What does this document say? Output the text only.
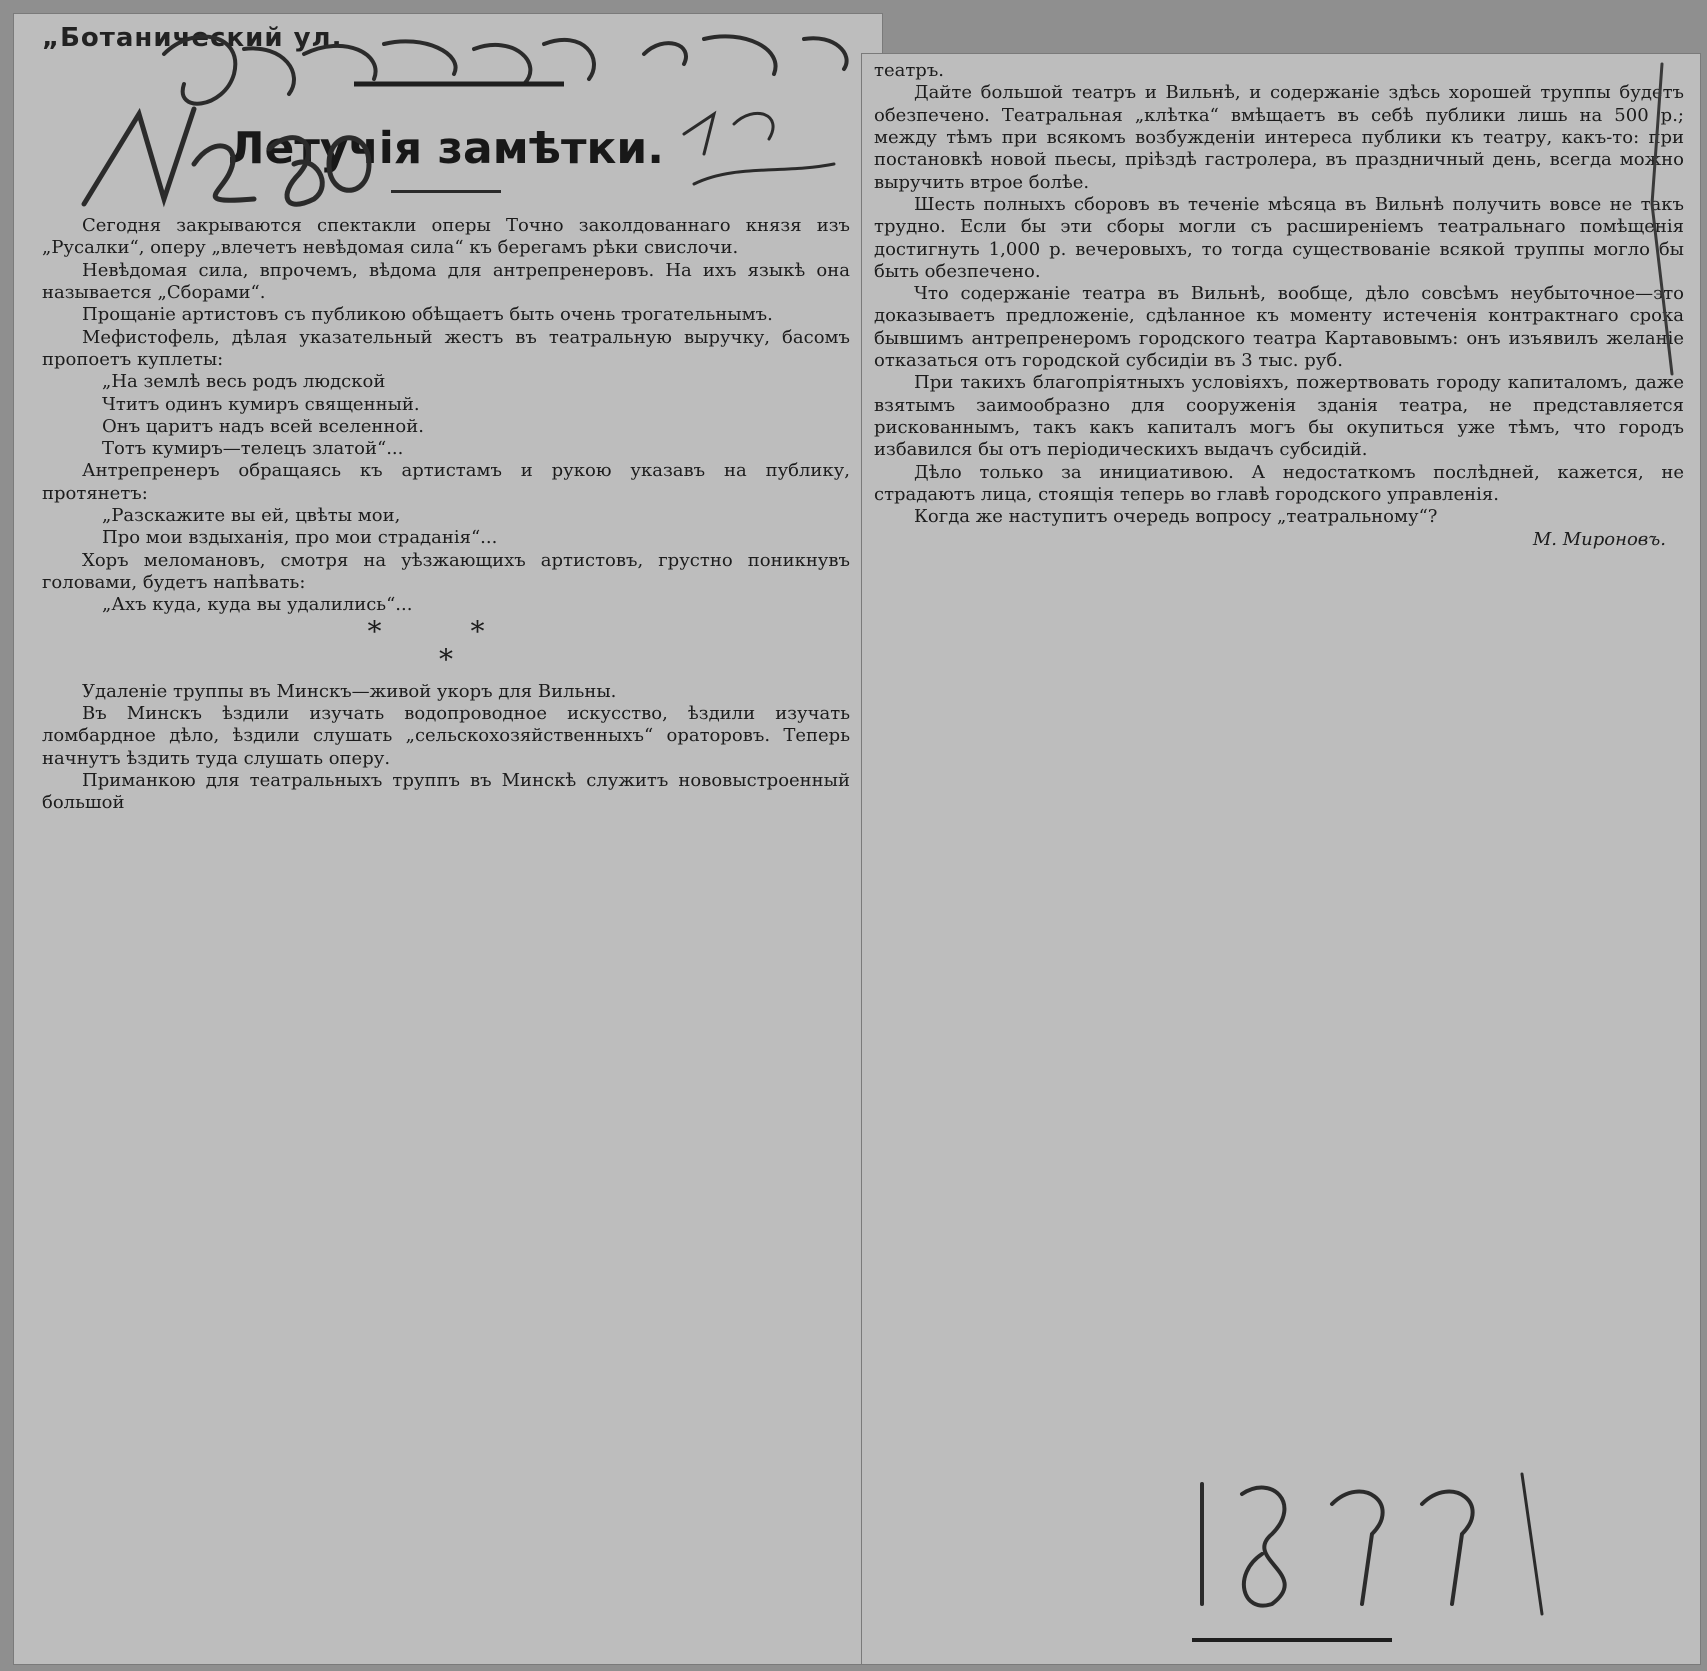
„Ботанический ул.
Летучія замѣтки.

Сегодня закрываются спектакли оперы Точно заколдованнаго князя изъ „Русалки“, оперу „влечетъ невѣдомая сила“ къ берегамъ рѣки свислочи.

Невѣдомая сила, впрочемъ, вѣдома для антрепренеровъ. На ихъ языкѣ она называется „Сборами“.

Прощаніе артистовъ съ публикою обѣщаетъ быть очень трогательнымъ.

Мефистофель, дѣлая указательный жестъ въ театральную выручку, басомъ пропоетъ куплеты:

„На землѣ весь родъ людской
Чтитъ одинъ кумиръ священный.
Онъ царитъ надъ всей вселенной.
Тотъ кумиръ—телецъ златой“...

Антрепренеръ обращаясь къ артистамъ и рукою указавъ на публику, протянетъ:

„Разскажите вы ей, цвѣты мои,
Про мои вздыханія, про мои страданія“...

Хоръ меломановъ, смотря на уѣзжающихъ артистовъ, грустно поникнувъ головами, будетъ напѣвать:

„Ахъ куда, куда вы удалились“...

* *

*

Удаленіе труппы въ Минскъ—живой укоръ для Вильны.

Въ Минскъ ѣздили изучать водопроводное искусство, ѣздили изучать ломбардное дѣло, ѣздили слушать „сельскохозяйственныхъ“ ораторовъ. Теперь начнутъ ѣздить туда слушать оперу.

Приманкою для театральныхъ труппъ въ Минскѣ служитъ нововыстроенный большой

театръ.

Дайте большой театръ и Вильнѣ, и содержаніе здѣсь хорошей труппы будетъ обезпечено. Театральная „клѣтка“ вмѣщаетъ въ себѣ публики лишь на 500 р.; между тѣмъ при всякомъ возбужденіи интереса публики къ театру, какъ-то: при постановкѣ новой пьесы, пріѣздѣ гастролера, въ праздничный день, всегда можно выручить втрое болѣе.

Шесть полныхъ сборовъ въ теченіе мѣсяца въ Вильнѣ получить вовсе не такъ трудно. Если бы эти сборы могли съ расширеніемъ театральнаго помѣщенія достигнуть 1,000 р. вечеровыхъ, то тогда существованіе всякой труппы могло бы быть обезпечено.

Что содержаніе театра въ Вильнѣ, вообще, дѣло совсѣмъ неубыточное—это доказываетъ предложеніе, сдѣланное къ моменту истеченія контрактнаго срока бывшимъ антрепренеромъ городского театра Картавовымъ: онъ изъявилъ желаніе отказаться отъ городской субсидіи въ 3 тыс. руб.

При такихъ благопріятныхъ условіяхъ, пожертвовать городу капиталомъ, даже взятымъ заимообразно для сооруженія зданія театра, не представляется рискованнымъ, такъ какъ капиталъ могъ бы окупиться уже тѣмъ, что городъ избавился бы отъ періодическихъ выдачъ субсидій.

Дѣло только за инициативою. А недостаткомъ послѣдней, кажется, не страдаютъ лица, стоящія теперь во главѣ городского управленія.

Когда же наступитъ очередь вопросу „театральному“?

М. Мироновъ.
